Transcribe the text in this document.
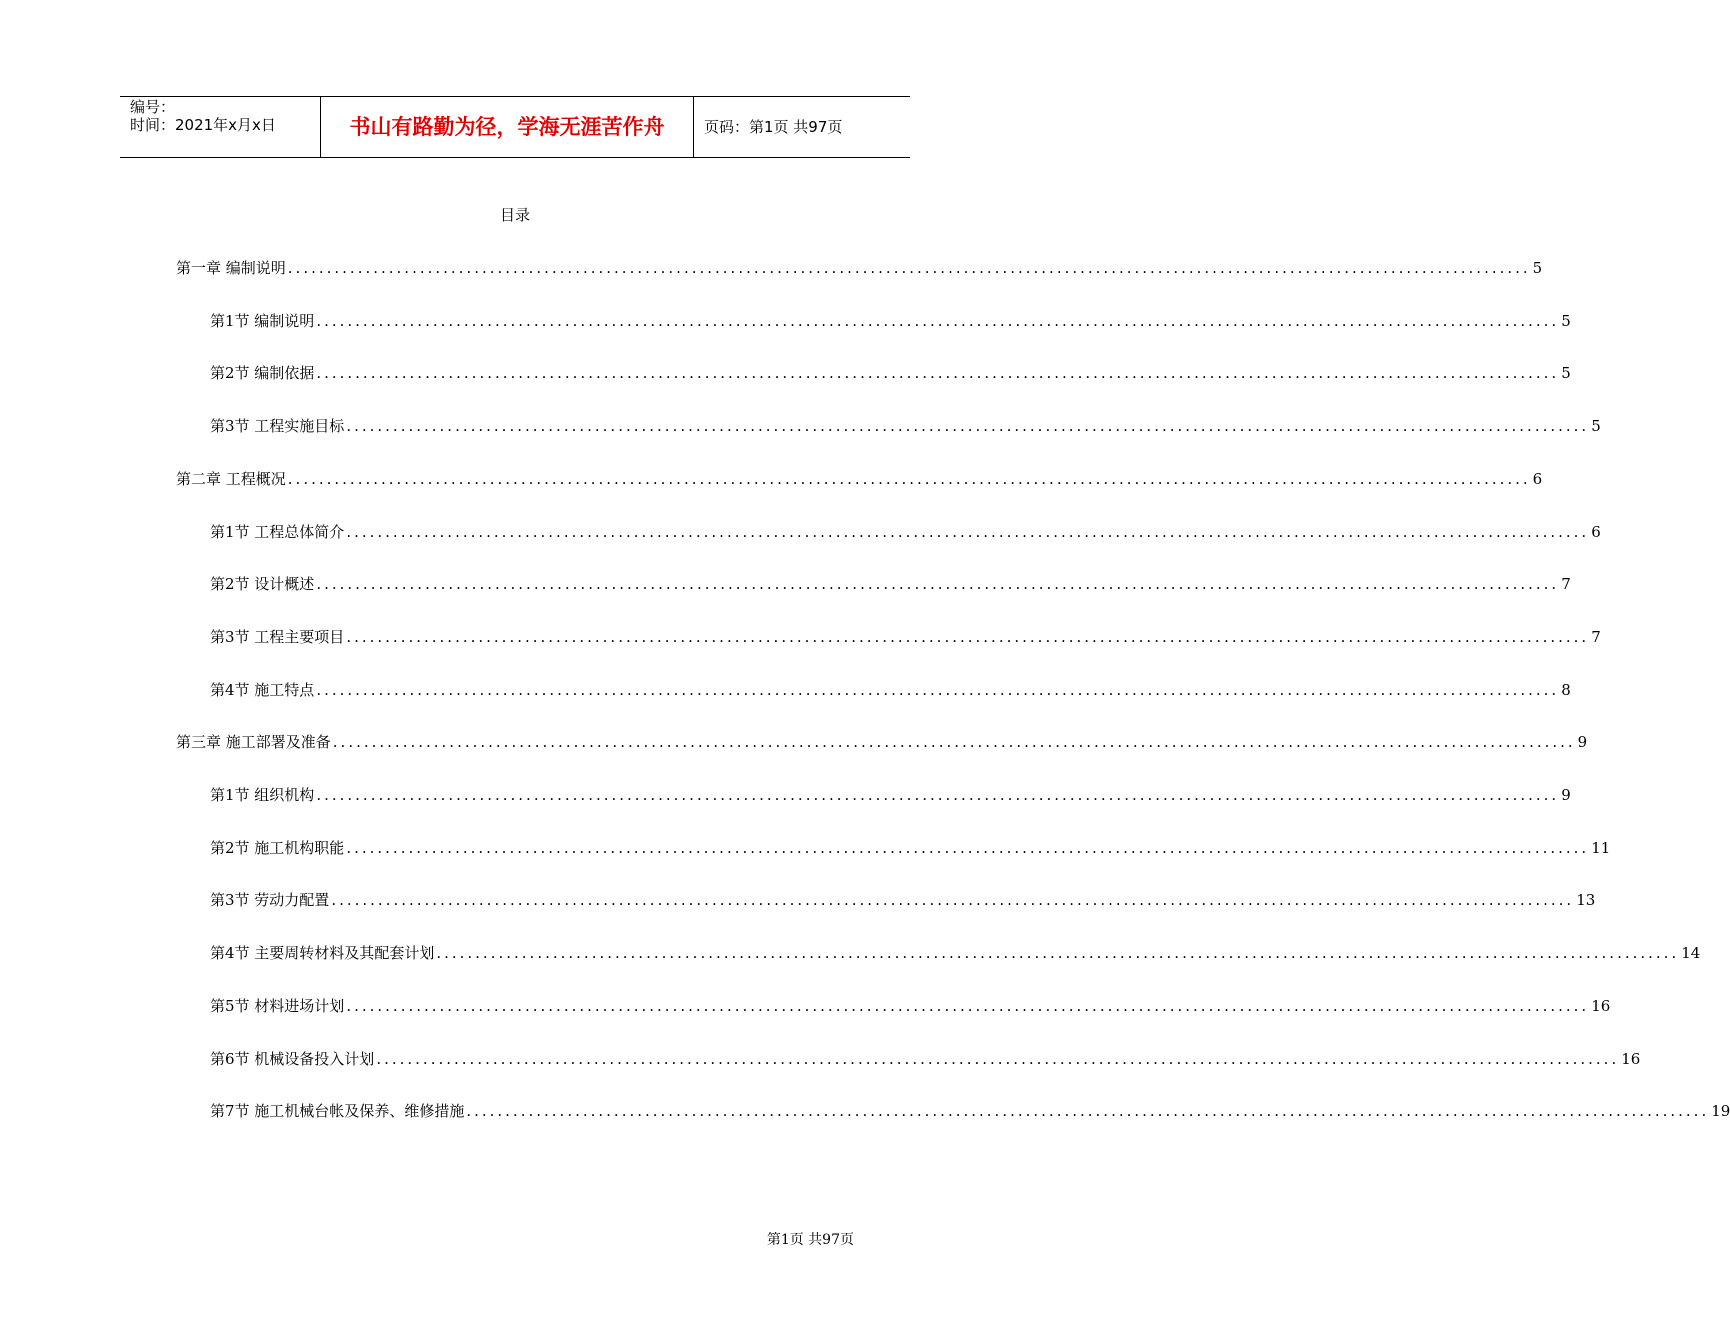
编号：
时间：2021年x月x日	书山有路勤为径，学海无涯苦作舟	页码：第1页 共97页
目录
第一章 编制说明 ................................................................................................................................................................ 5
第1节 编制说明 ................................................................................................................................................................ 5
第2节 编制依据 ................................................................................................................................................................ 5
第3节 工程实施目标 ................................................................................................................................................................ 5
第二章 工程概况 ................................................................................................................................................................ 6
第1节 工程总体简介 ................................................................................................................................................................ 6
第2节 设计概述 ................................................................................................................................................................ 7
第3节 工程主要项目 ................................................................................................................................................................ 7
第4节 施工特点 ................................................................................................................................................................ 8
第三章 施工部署及准备 ................................................................................................................................................................ 9
第1节 组织机构 ................................................................................................................................................................ 9
第2节 施工机构职能 ................................................................................................................................................................ 11
第3节 劳动力配置 ................................................................................................................................................................ 13
第4节 主要周转材料及其配套计划 ................................................................................................................................................................ 14
第5节 材料进场计划 ................................................................................................................................................................ 16
第6节 机械设备投入计划 ................................................................................................................................................................ 16
第7节 施工机械台帐及保养、维修措施 ................................................................................................................................................................ 19
第1页 共97页
